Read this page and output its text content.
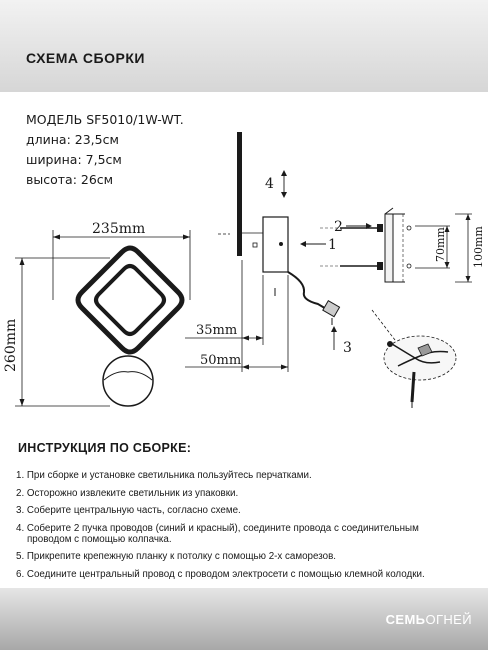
СХЕМА СБОРКИ
МОДЕЛЬ SF5010/1W-WT.
длина: 23,5см
ширина: 7,5см
высота: 26см
235mm
260mm	35mm
50mm
70mm 100mm
4
1
2
3
ИНСТРУКЦИЯ ПО СБОРКЕ:
1. При сборке и установке светильника пользуйтесь перчатками.
2. Осторожно извлеките светильник из упаковки.
3. Соберите центральную часть, согласно схеме.
4. Соберите 2 пучка проводов (синий и красный), соедините провода с соединительным
проводом с помощью колпачка.
5. Прикрепите крепежную планку к потолку с помощью 2-х саморезов.
6. Соедините центральный провод с проводом электросети с помощью клемной колодки.
СЕМЬОГНЕЙ
